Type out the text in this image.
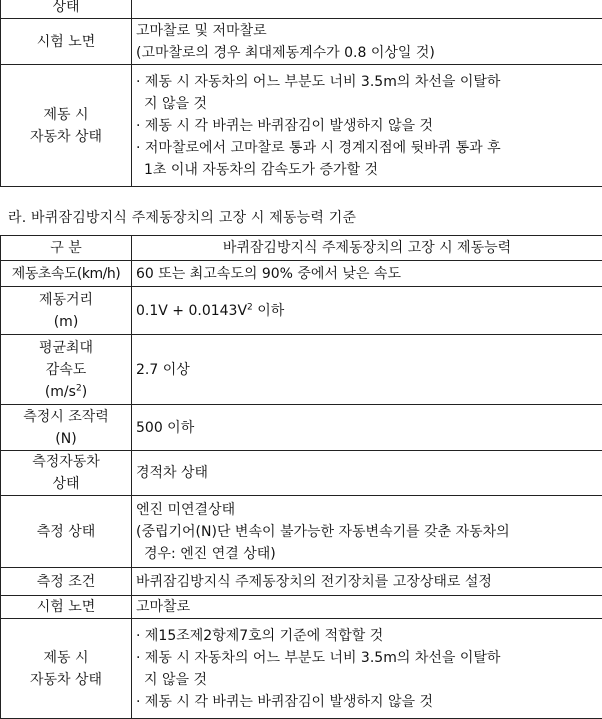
상태	

시험 노면	고마찰로 및 저마찰로
(고마찰로의 경우 최대제동계수가 0.8 이상일 것)

제동 시
자동차 상태	· 제동 시 자동차의 어느 부분도 너비 3.5m의 차선을 이탈하
지 않을 것
· 제동 시 각 바퀴는 바퀴잠김이 발생하지 않을 것
· 저마찰로에서 고마찰로 통과 시 경계지점에 뒷바퀴 통과 후
1초 이내 자동차의 감속도가 증가할 것
라. 바퀴잠김방지식 주제동장치의 고장 시 제동능력 기준
구 분	바퀴잠김방지식 주제동장치의 고장 시 제동능력

제동초속도(km/h)	60 또는 최고속도의 90% 중에서 낮은 속도

제동거리
(m)	$0.1V + 0.0143V^2$ 이하

평균최대
감속도
$(m/s^2)$	2.7 이상

측정시 조작력
(N)	500 이하

측정자동차
상태	경적차 상태

측정 상태	엔진 미연결상태
(중립기어(N)단 변속이 불가능한 자동변속기를 갖춘 자동차의
경우: 엔진 연결 상태)

측정 조건	바퀴잠김방지식 주제동장치의 전기장치를 고장상태로 설정

시험 노면	고마찰로

제동 시
자동차 상태	· 제15조제2항제7호의 기준에 적합할 것
· 제동 시 자동차의 어느 부분도 너비 3.5m의 차선을 이탈하
지 않을 것
· 제동 시 각 바퀴는 바퀴잠김이 발생하지 않을 것
